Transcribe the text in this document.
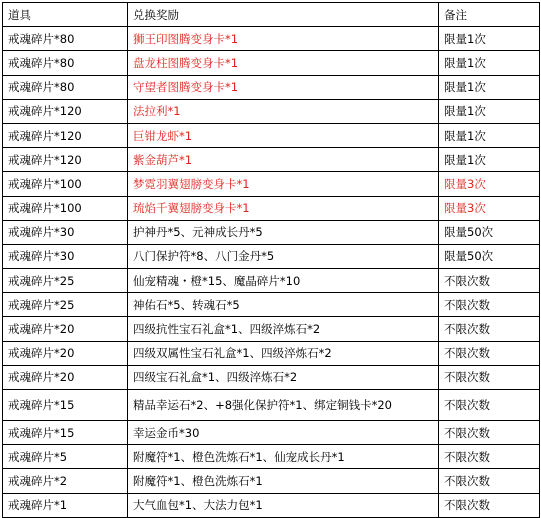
道具	兑换奖励	备注
戒魂碎片*80	狮王印图腾变身卡*1	限量1次
戒魂碎片*80	盘龙柱图腾变身卡*1	限量1次
戒魂碎片*80	守望者图腾变身卡*1	限量1次
戒魂碎片*120	法拉利*1	限量1次
戒魂碎片*120	巨钳龙虾*1	限量1次
戒魂碎片*120	紫金葫芦*1	限量1次
戒魂碎片*100	梦霓羽翼翅膀变身卡*1	限量3次
戒魂碎片*100	琉焰千翼翅膀变身卡*1	限量3次
戒魂碎片*30	护神丹*5、元神成长丹*5	限量50次
戒魂碎片*30	八门保护符*8、八门金丹*5	限量50次
戒魂碎片*25	仙宠精魂・橙*15、魔晶碎片*10	不限次数
戒魂碎片*25	神佑石*5、转魂石*5	不限次数
戒魂碎片*20	四级抗性宝石礼盒*1、四级淬炼石*2	不限次数
戒魂碎片*20	四级双属性宝石礼盒*1、四级淬炼石*2	不限次数
戒魂碎片*20	四级宝石礼盒*1、四级淬炼石*2	不限次数
戒魂碎片*15	精品幸运石*2、+8强化保护符*1、绑定铜钱卡*20	不限次数
戒魂碎片*15	幸运金币*30	不限次数
戒魂碎片*5	附魔符*1、橙色洗炼石*1、仙宠成长丹*1	不限次数
戒魂碎片*2	附魔符*1、橙色洗炼石*1	不限次数
戒魂碎片*1	大气血包*1、大法力包*1	不限次数
